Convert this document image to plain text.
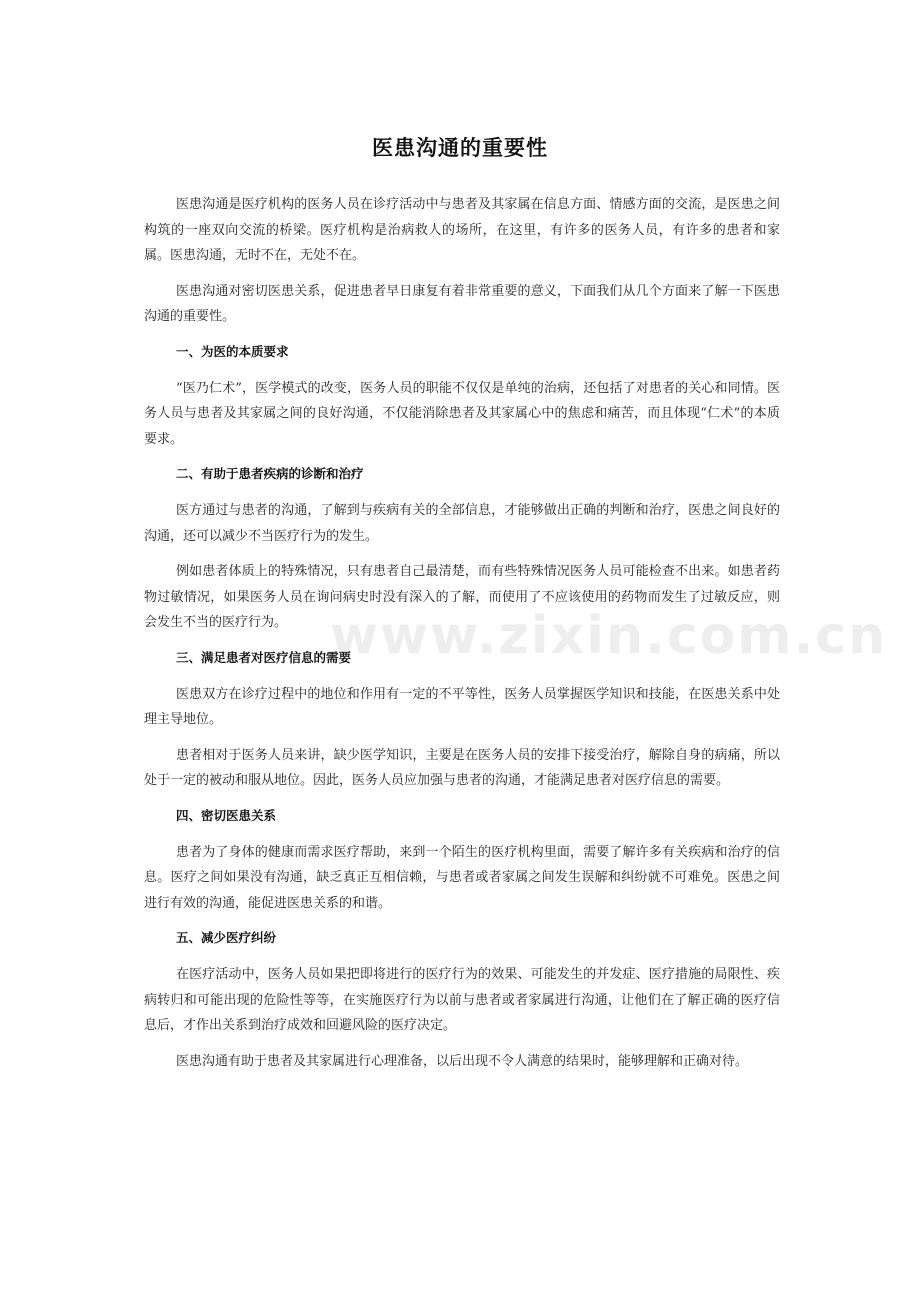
www.zixin.com.cn
医患沟通的重要性

医患沟通是医疗机构的医务人员在诊疗活动中与患者及其家属在信息方面、情感方面的交流，是医患之间构筑的一座双向交流的桥梁。医疗机构是治病救人的场所，在这里，有许多的医务人员，有许多的患者和家属。医患沟通，无时不在，无处不在。

医患沟通对密切医患关系，促进患者早日康复有着非常重要的意义，下面我们从几个方面来了解一下医患沟通的重要性。

一、为医的本质要求

“医乃仁术”，医学模式的改变，医务人员的职能不仅仅是单纯的治病，还包括了对患者的关心和同情。医务人员与患者及其家属之间的良好沟通，不仅能消除患者及其家属心中的焦虑和痛苦，而且体现“仁术”的本质要求。

二、有助于患者疾病的诊断和治疗

医方通过与患者的沟通，了解到与疾病有关的全部信息，才能够做出正确的判断和治疗，医患之间良好的沟通，还可以减少不当医疗行为的发生。

例如患者体质上的特殊情况，只有患者自己最清楚，而有些特殊情况医务人员可能检查不出来。如患者药物过敏情况，如果医务人员在询问病史时没有深入的了解，而使用了不应该使用的药物而发生了过敏反应，则会发生不当的医疗行为。

三、满足患者对医疗信息的需要

医患双方在诊疗过程中的地位和作用有一定的不平等性，医务人员掌握医学知识和技能，在医患关系中处理主导地位。

患者相对于医务人员来讲，缺少医学知识，主要是在医务人员的安排下接受治疗，解除自身的病痛，所以处于一定的被动和服从地位。因此，医务人员应加强与患者的沟通，才能满足患者对医疗信息的需要。

四、密切医患关系

患者为了身体的健康而需求医疗帮助，来到一个陌生的医疗机构里面，需要了解许多有关疾病和治疗的信息。医疗之间如果没有沟通，缺乏真正互相信赖，与患者或者家属之间发生误解和纠纷就不可难免。医患之间进行有效的沟通，能促进医患关系的和谐。

五、减少医疗纠纷

在医疗活动中，医务人员如果把即将进行的医疗行为的效果、可能发生的并发症、医疗措施的局限性、疾病转归和可能出现的危险性等等，在实施医疗行为以前与患者或者家属进行沟通，让他们在了解正确的医疗信息后，才作出关系到治疗成效和回避风险的医疗决定。

医患沟通有助于患者及其家属进行心理准备，以后出现不令人满意的结果时，能够理解和正确对待。
